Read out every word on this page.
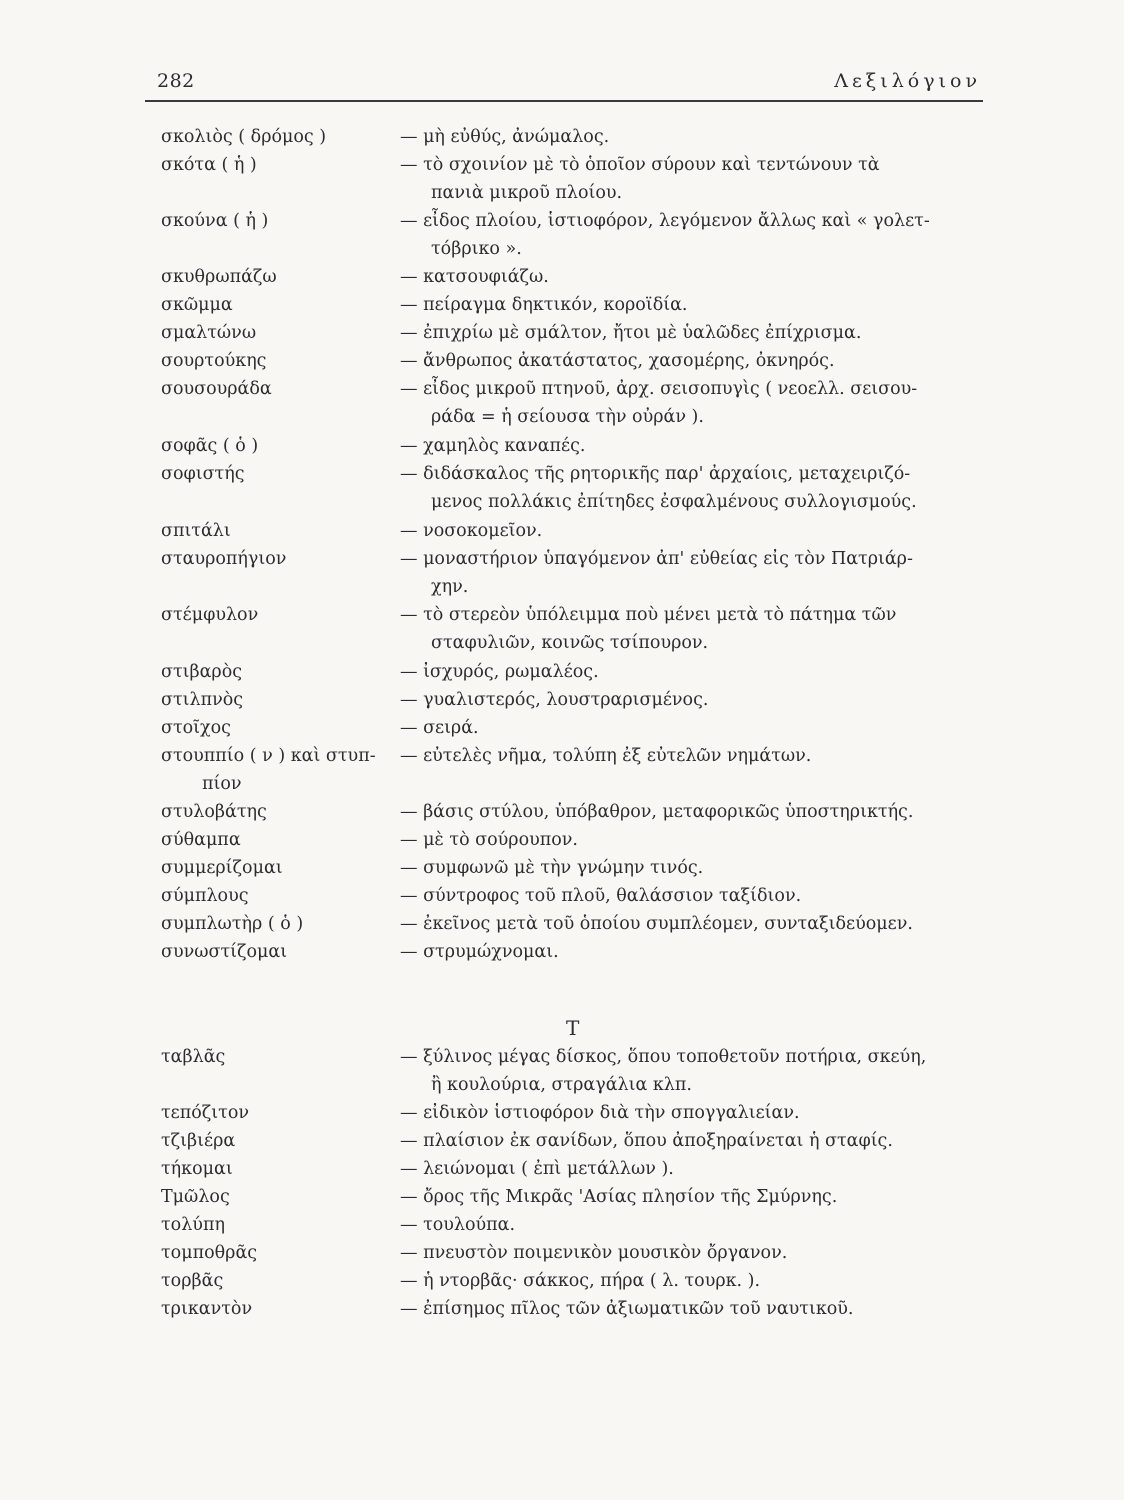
282	Λεξιλόγιον
σκολιὸς ( δρόμος )	— μὴ εὐθύς, ἀνώμαλος.
σκότα ( ἡ )	— τὸ σχοινίον μὲ τὸ ὁποῖον σύρουν καὶ τεντώνουν τὰ
πανιὰ μικροῦ πλοίου.
σκούνα ( ἡ )	— εἶδος πλοίου, ἱστιοφόρον, λεγόμενον ἄλλως καὶ « γολετ-
τόβρικο ».
σκυθρωπάζω	— κατσουφιάζω.
σκῶμμα	— πείραγμα δηκτικόν, κοροϊδία.
σμαλτώνω	— ἐπιχρίω μὲ σμάλτον, ἤτοι μὲ ὑαλῶδες ἐπίχρισμα.
σουρτούκης	— ἄνθρωπος ἀκατάστατος, χασομέρης, ὀκνηρός.
σουσουράδα	— εἶδος μικροῦ πτηνοῦ, ἀρχ. σεισοπυγὶς ( νεοελλ. σεισου-
ράδα = ἡ σείουσα τὴν οὐράν ).
σοφᾶς ( ὁ )	— χαμηλὸς καναπές.
σοφιστής	— διδάσκαλος τῆς ρητορικῆς παρ' ἀρχαίοις, μεταχειριζό-
μενος πολλάκις ἐπίτηδες ἐσφαλμένους συλλογισμούς.
σπιτάλι	— νοσοκομεῖον.
σταυροπήγιον	— μοναστήριον ὑπαγόμενον ἀπ' εὐθείας εἰς τὸν Πατριάρ-
χην.
στέμφυλον	— τὸ στερεὸν ὑπόλειμμα ποὺ μένει μετὰ τὸ πάτημα τῶν
σταφυλιῶν, κοινῶς τσίπουρον.
στιβαρὸς	— ἰσχυρός, ρωμαλέος.
στιλπνὸς	— γυαλιστερός, λουστραρισμένος.
στοῖχος	— σειρά.
στουππίο ( ν ) καὶ στυπ-
πίον
— εὐτελὲς νῆμα, τολύπη ἐξ εὐτελῶν νημάτων.
στυλοβάτης	— βάσις στύλου, ὑπόβαθρον, μεταφορικῶς ὑποστηρικτής.
σύθαμπα	— μὲ τὸ σούρουπον.
συμμερίζομαι	— συμφωνῶ μὲ τὴν γνώμην τινός.
σύμπλους	— σύντροφος τοῦ πλοῦ, θαλάσσιον ταξίδιον.
συμπλωτὴρ ( ὁ )	— ἐκεῖνος μετὰ τοῦ ὁποίου συμπλέομεν, συνταξιδεύομεν.
συνωστίζομαι	— στρυμώχνομαι.
ταβλᾶς	— ξύλινος μέγας δίσκος, ὅπου τοποθετοῦν ποτήρια, σκεύη,
ἢ κουλούρια, στραγάλια κλπ.
τεπόζιτον	— εἰδικὸν ἱστιοφόρον διὰ τὴν σπογγαλιείαν.
τζιβιέρα	— πλαίσιον ἐκ σανίδων, ὅπου ἀποξηραίνεται ἡ σταφίς.
τήκομαι	— λειώνομαι ( ἐπὶ μετάλλων ).
Τμῶλος	— ὄρος τῆς Μικρᾶς 'Ασίας πλησίον τῆς Σμύρνης.
τολύπη	— τουλούπα.
τομποθρᾶς	— πνευστὸν ποιμενικὸν μουσικὸν ὄργανον.
τορβᾶς	— ἡ ντορβᾶς· σάκκος, πήρα ( λ. τουρκ. ).
τρικαντὸν	— ἐπίσημος πῖλος τῶν ἀξιωματικῶν τοῦ ναυτικοῦ.
Τ
